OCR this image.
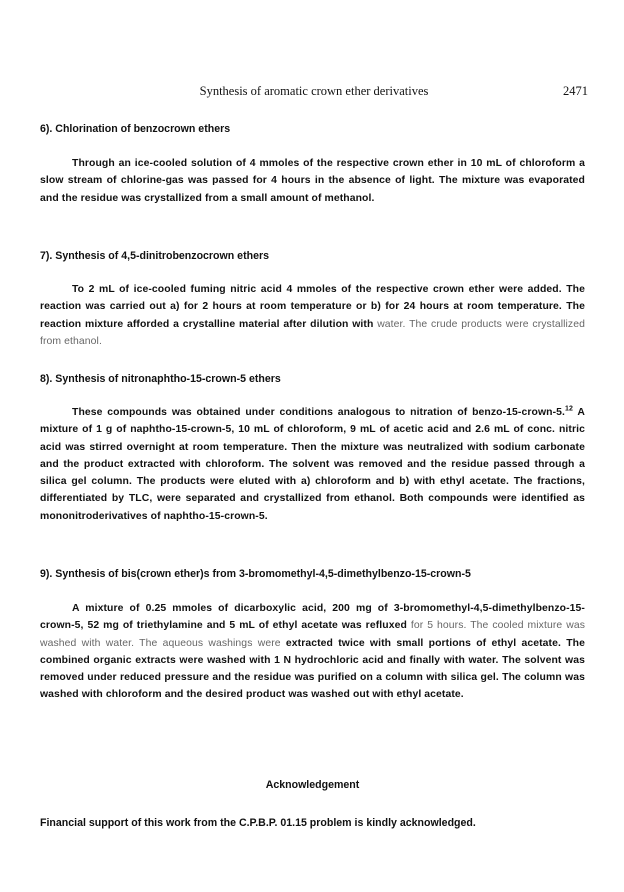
Synthesis of aromatic crown ether derivatives	2471
6). Chlorination of benzocrown ethers
Through an ice-cooled solution of 4 mmoles of the respective crown ether in 10 mL of chloroform a slow stream of chlorine-gas was passed for 4 hours in the absence of light. The mixture was evaporated and the residue was crystallized from a small amount of methanol.
7). Synthesis of 4,5-dinitrobenzocrown ethers
To 2 mL of ice-cooled fuming nitric acid 4 mmoles of the respective crown ether were added. The reaction was carried out a) for 2 hours at room temperature or b) for 24 hours at room temperature. The reaction mixture afforded a crystalline material after dilution with water. The crude products were crystallized from ethanol.
8). Synthesis of nitronaphtho-15-crown-5 ethers
These compounds was obtained under conditions analogous to nitration of benzo-15-crown-5.12 A mixture of 1 g of naphtho-15-crown-5, 10 mL of chloroform, 9 mL of acetic acid and 2.6 mL of conc. nitric acid was stirred overnight at room temperature. Then the mixture was neutralized with sodium carbonate and the product extracted with chloroform. The solvent was removed and the residue passed through a silica gel column. The products were eluted with a) chloroform and b) with ethyl acetate. The fractions, differentiated by TLC, were separated and crystallized from ethanol. Both compounds were identified as mononitroderivatives of naphtho-15-crown-5.
9). Synthesis of bis(crown ether)s from 3-bromomethyl-4,5-dimethylbenzo-15-crown-5
A mixture of 0.25 mmoles of dicarboxylic acid, 200 mg of 3-bromomethyl-4,5-dimethylbenzo-15-crown-5, 52 mg of triethylamine and 5 mL of ethyl acetate was refluxed for 5 hours. The cooled mixture was washed with water. The aqueous washings were extracted twice with small portions of ethyl acetate. The combined organic extracts were washed with 1 N hydrochloric acid and finally with water. The solvent was removed under reduced pressure and the residue was purified on a column with silica gel. The column was washed with chloroform and the desired product was washed out with ethyl acetate.
Acknowledgement
Financial support of this work from the C.P.B.P. 01.15 problem is kindly acknowledged.
